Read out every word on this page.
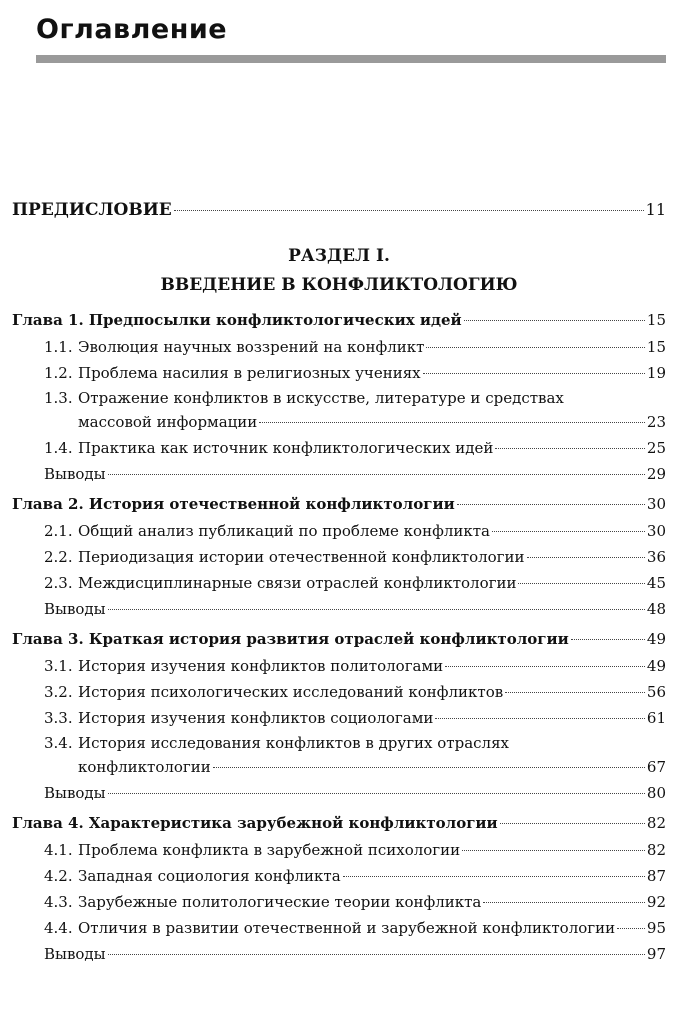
Оглавление
ПРЕДИСЛОВИЕ	11
РАЗДЕЛ I.
ВВЕДЕНИЕ В КОНФЛИКТОЛОГИЮ
Глава 1. Предпосылки конфликтологических идей	15
1.1. Эволюция научных воззрений на конфликт	15
1.2. Проблема насилия в религиозных учениях	19
1.3. Отражение конфликтов в искусстве, литературе и средствах
массовой информации	23
1.4. Практика как источник конфликтологических идей	25
Выводы	29
Глава 2. История отечественной конфликтологии	30
2.1. Общий анализ публикаций по проблеме конфликта	30
2.2. Периодизация истории отечественной конфликтологии	36
2.3. Междисциплинарные связи отраслей конфликтологии	45
Выводы	48
Глава 3. Краткая история развития отраслей конфликтологии	49
3.1. История изучения конфликтов политологами	49
3.2. История психологических исследований конфликтов	56
3.3. История изучения конфликтов социологами	61
3.4. История исследования конфликтов в других отраслях
конфликтологии	67
Выводы	80
Глава 4. Характеристика зарубежной конфликтологии	82
4.1. Проблема конфликта в зарубежной психологии	82
4.2. Западная социология конфликта	87
4.3. Зарубежные политологические теории конфликта	92
4.4. Отличия в развитии отечественной и зарубежной конфликтологии 95
Выводы	97
